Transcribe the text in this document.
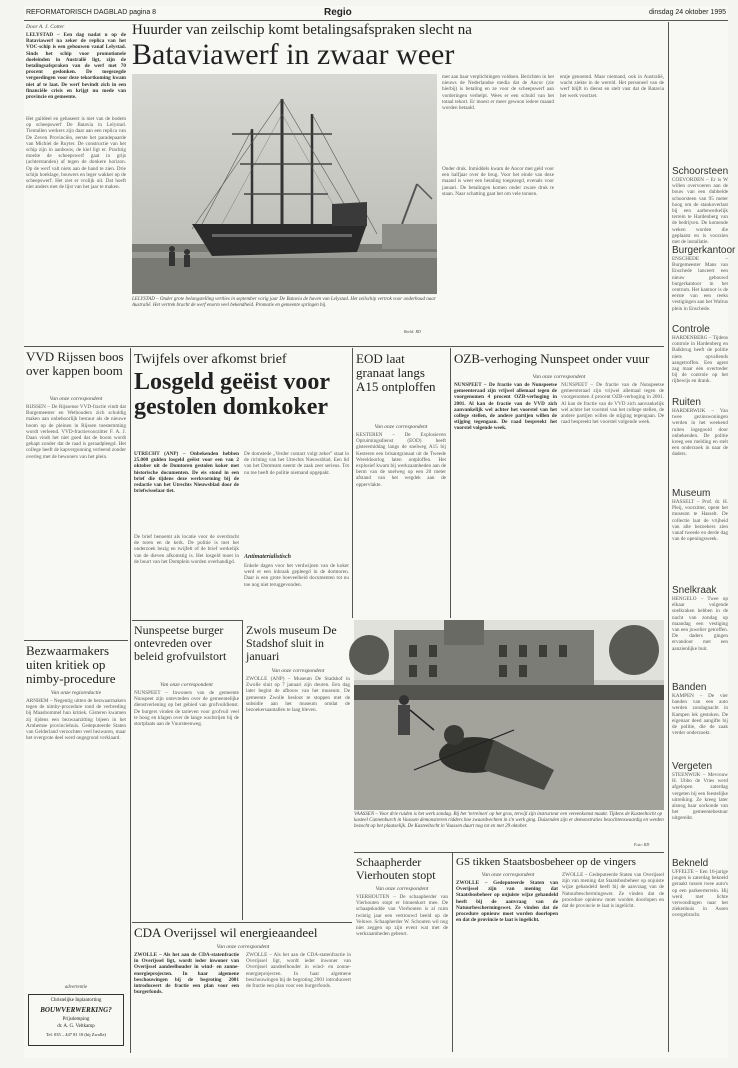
REFORMATORISCH DAGBLAD pagina 8	Regio	dinsdag 24 oktober 1995
Door A. J. Cotter
LELYSTAD – Een dag nadat u op de Bataviawerf na zeker de replica van het VOC-schip is een gebouwen vanaf Lelystad. Sinds het schip voor promotionele doeleinden in Australië ligt, zijn de betalingsafspraken van de werf met 70 procent geslonken. De toegezegde vergoedingen voor deze tekortkoming kwam niet af te laat. De werf bevindt zich in een financiële crisis en krijgt nu mede van provincie en gemeente.
Het gaildeel en gebaseert is niet van de bodem op scheepswerf De Batavia in Lelystad. Tientallen werkers zijn daar aan een replica van De Zeven Provinciën, eerste het paradepaarde van Michiel de Ruyter. De constructie van het schip zijn in aanbouw, de kiel ligt er. Prachtig moeite de scheepswerf gaat in grijs (achterstanden) af tegen de donkere horizon. Op de werf valt niets aan de hand te zien. Drie schijn hoeklage, bouwers en leger wakker op de scheepswerf. Het ziet er vrolijk uit. Dat hoeft niet anders met de lijst van het jaar te maken.
Huurder van zeilschip komt betalingsafspraken slecht na
Bataviawerf in zwaar weer
LELYSTAD – Onder grote belangstelling vertlies in september vorig jaar De Batavia de haven van Lelystad. Het zeilschip vertrok voor onderhoud naar Australië. Het vertrek bracht de werf enorm veel bekendheid. Promotie en gemeente springen bij.
Beeld: RD
met aan haar verplichtingen voldoen. Berichten in het nieuws de Nederlandse media dat de Ancor (zie hierbij) is betaling en ze voor de scheepswerf aan vorderingen verhelpt. Wees er een schuld van het totaal tekort. Er moest er meer gewoon iedere maand worden betaald.
Onder druk. Inmiddels kwam de Ancor met geld voor een halfjaar over de brug. Voor het einde van deze maand is weer een betaling toegezegd, evenals voor januari. De betalingen komen onder zware druk te staan. Naar schatting gaat het om vele tonnen.
entje genoemd. Maar niemand, ook in Australië, wacht ziekte in de wereld. Het personeel van de werf blijft in dienst en stelt vast dat de Batavia het werk voortzet.
Schoorsteen
COEVORDEN – Er is W willen overvoeren aan de bouw van een dubbelde schoorsteen van 95 meter hoog om de stankoverlast bij een aarbewerkelijk terrein te Hardenberg van de bedrijven. De komende weken worden die geplaatst en is voorzien met de installatie.
Burgerkantoor
ENSCHEDE – Burgemeester Mans van Enschede lanceert een nieuw gebouwd burgerkantoor in het centrum. Het kantoor is de eerste van een reeks vestigingen aan het Walrus plein in Enschede.
Controle
HARDENBERG – Tijdens controle in Hardenberg en Balkbrug heeft de politie niets opvallends aangetroffen. Een agent zag maar één overtreder bij de controle op het rijbewijs en drank.
Ruiten
HARDERWIJK – Van twee gezinswoningen werden in het weekend ruiten ingegooid door onbekenden. De politie kreeg een melding en stelt een onderzoek in naar de daders.
Museum
HASSELT – Prof. dr. H. Pleij, voorzitter, opent het museum te Hasselt. De collectie laat de vrijheid van alle bezoekers zien vanaf tweede en derde dag van de openingsweek.
Snelkraak
HENGELO – Twee op elkaar volgende snelkraken hebben in de nacht van zondag op maandag een vestiging van een juwelier getroffen. De daders gingen ervandoor met een aanzienlijke buit.
Banden
KAMPEN – De vier banden van een auto werden zondagnacht in Kampen lek gestoken. De eigenaar deed aangifte bij de politie, die de zaak verder onderzoekt.
Vergeten
STEENWIJK – Mevrouw H. Ubbo de Vries werd afgelopen zaterdag vergeten bij een feestelijke uitreiking. Ze kreeg later alsnog haar oorkonde van het gemeentebestuur uitgereikt.
Bekneld
UFFELTE – Een 16-jarige jongen is zaterdag bekneld geraakt tussen twee auto's op een parkeerterrein. Hij werd met lichte verwondingen naar het ziekenhuis in Assen overgebracht.
VVD Rijssen boos over kappen boom
Van onze correspondent
RIJSSEN – De Rijssense VVD-fractie vindt dat Burgemeester en Wethouders zich schuldig maken aan onbehoorlijk bestuur als de nieuwe boom op de pleinen in Rijssen toestemming wordt verleend. VVD-fractievoorzitter F. A. J. Daan vindt het niet goed dat de boom wordt gekapt zonder dat de raad is geraadpleegd. Het college heeft de kapvergunning verleend zonder overleg met de bewoners van het plein.
Bezwaarmakers uiten kritiek op nimby-procedure
Van onze regioredactie
ARNHEM – Negentig uitten de bezwaarmakers tegen de nimby-procedure rond de verbreding bij Maasbommel hun kritiek. Gisteren kwamen zij tijdens een bezwaarzitting bijeen in het Arnhemse provinciehuis. Gedeputeerde Staten van Gelderland verzochten veel bezwaren, maar het overgrote deel werd ongegrond verklaard.
advertentie
Christelijke Inplantorting
BOUWVERWERKING?
Prijsdemping
dr. A. G. Veltkamp
Tel. 035 – 447 81 10 (bij Zwolle)
Twijfels over afkomst brief
Losgeld geëist voor gestolen domkoker
UTRECHT (ANP) – Onbekenden hebben 25.000 gulden losgeld geëist voor een van 2 oktober uit de Domtoren gestolen koker met historische documenten. De eis stond in een brief die tijdens deze werkvorming bij de redactie van het Utrechts Nieuwsblad door de briefwisselaar tiet.
De brief benoemt als locatie voor de overdracht de toren en de kerk. De politie is met het onderzoek bezig en twijfelt of de brief werkelijk van de dieven afkomstig is. Het losgeld moet in de buurt van het Domplein worden overhandigd.
De domstede „Verder contact volgt zeker" staat in de richting van het Utrechts Nieuwsblad. Een lid van het Domteam neemt de zaak zeer serieus. Tot nu toe heeft de politie niemand opgepakt.
Antimaterialistisch
Enkele dagen voor het verdwijnen van de koker werd er een inbraak gepleegd in de domtoren. Daar is een grote hoeveelheid documenten tot nu toe nog niet teruggevonden.
EOD laat granaat langs A15 ontploffen
Van onze correspondent
KESTEREN – De Explosieven Opruimingsdienst (EOD) heeft gisteremiddag langs de snelweg A15 bij Kesteren een brisantgranaat uit de Tweede Wereldoorlog laten ontploffen. Het explosief kwam bij werkzaamheden aan de berm van de snelweg op een 20 meter afstand van het wegdek aan de oppervlakte.
OZB-verhoging Nunspeet onder vuur
Van onze correspondent
NUNSPEET – De fractie van de Nunspeetse gemeenteraad zijn vrijwel allemaal tegen de voorgenomen 4 procent OZB-verhoging in 2001. Al kan de fractie van de VVD zich aanvankelijk wel achter het voorstel van het college stellen, de andere partijen willen de stijging tegengaan. De raad bespreekt het voorstel volgende week.
NUNSPEET – De fractie van de Nunspeetse gemeenteraad zijn vrijwel allemaal tegen de voorgenomen 4 procent OZB-verhoging in 2001. Al kan de fractie van de VVD zich aanvankelijk wel achter het voorstel van het college stellen, de andere partijen willen de stijging tegengaan. De raad bespreekt het voorstel volgende week.
VAASSEN – Voor drie ruiden is het werk zondag. Bij het 'terreinen' op het gras, terwijl zijn instructeur een vereenkomst maakt. Tijdens de Kasteeltocht op kasteel Cannenburch in Vaassen demonstreren ridders hoe zwaardvechten in z'n werk ging. Duizenden zijn er demonstraties bezochtenswaardig en werden bezocht op bet plaatselijk. De Kasteeltocht in Vaassen duurt nog tot en met 29 oktober.
Foto: RD
Nunspeetse burger ontevreden over beleid grofvuilstort
Van onze correspondent
NUNSPEET – Inwoners van de gemeente Nunspeet zijn ontevreden over de gemeentelijke dienstverlening op het gebied van grofvuildienst. De burgers vinden de tarieven voor grofvuil veel te hoog en klagen over de lange wachtrijen bij de stortplaats aan de Vuursteenweg.
Zwols museum De Stadshof sluit in januari
Van onze correspondent
ZWOLLE (ANP) – Museum De Stadshof in Zwolle sluit op 7 januari zijn deuren. Een dag later begint de afbouw van het museum. De gemeente Zwolle besloot te stoppen met de subsidie aan het museum omdat de bezoekersaantallen te laag bleven.
CDA Overijssel wil energieaandeel
Van onze correspondent
ZWOLLE – Als het aan de CDA-statenfractie in Overijssel ligt, wordt ieder inwoner van Overijssel aandeelhouder in wind- en zonne-energieprojecten. In haar algemene beschouwingen bij de begroting 2001 introduceert de fractie een plan voor een burgerfonds.
ZWOLLE – Als het aan de CDA-statenfractie in Overijssel ligt, wordt ieder inwoner van Overijssel aandeelhouder in wind- en zonne-energieprojecten. In haar algemene beschouwingen bij de begroting 2001 introduceert de fractie een plan voor een burgerfonds.
Schaapherder Vierhouten stopt
Van onze correspondent
VIERHOUTEN – De schaapherder van Vierhouten stopt er binnenkort mee. De schaapskudde van Vierhouten is al ruim twintig jaar een vertrouwd beeld op de Veluwe. Schaapherder W. Schouten wil nog niet zeggen op zijn event wat met de werkzaamheden gebeurt.
GS tikken Staatsbosbeheer op de vingers
Van onze correspondent
ZWOLLE – Gedeputeerde Staten van Overijssel zijn van mening dat Staatsbosbeheer op onjuiste wijze gehandeld heeft bij de aanvraag van de Natuurbeschermingswet. Ze vinden dat de procedure opnieuw moet worden doorlopen en dat de provincie te laat is ingelicht.
ZWOLLE – Gedeputeerde Staten van Overijssel zijn van mening dat Staatsbosbeheer op onjuiste wijze gehandeld heeft bij de aanvraag van de Natuurbeschermingswet. Ze vinden dat de procedure opnieuw moet worden doorlopen en dat de provincie te laat is ingelicht.
